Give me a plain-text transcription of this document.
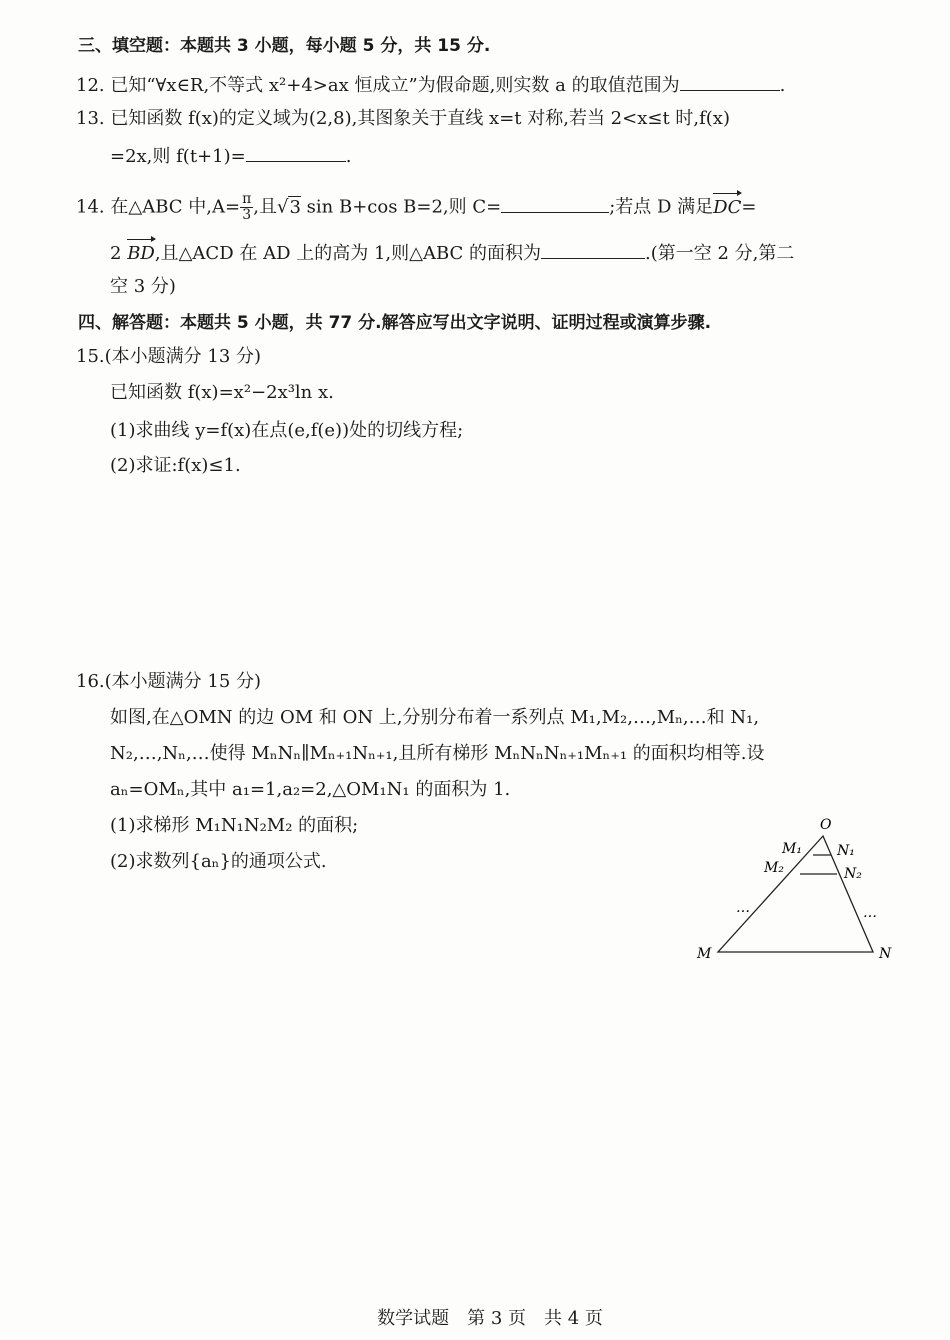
三、填空题：本题共 3 小题，每小题 5 分，共 15 分.
12. 已知“∀x∈R,不等式 x²+4>ax 恒成立”为假命题,则实数 a 的取值范围为	.
13. 已知函数 f(x)的定义域为(2,8),其图象关于直线 x=t 对称,若当 2<x≤t 时,f(x)
=2x,则 f(t+1)=	.
14. 在△ABC 中$,A= \frac{\pi}{3}$,且√3 sin B+cos B=2,则 C=	;若点 D 满足DC=
2 BD,且△ACD 在 AD 上的高为 1,则△ABC 的面积为	.(第一空 2 分,第二
空 3 分)
四、解答题：本题共 5 小题，共 77 分.解答应写出文字说明、证明过程或演算步骤.
15.(本小题满分 13 分)
已知函数 f(x)=x²−2x³ln x.
(1)求曲线 y=f(x)在点(e,f(e))处的切线方程;
(2)求证:f(x)≤1.
16.(本小题满分 15 分)
如图,在△OMN 的边 OM 和 ON 上,分别分布着一系列点 M₁,M₂,…,Mₙ,…和 N₁,
N₂,…,Nₙ,…使得 MₙNₙ∥Mₙ₊₁Nₙ₊₁,且所有梯形 MₙNₙNₙ₊₁Mₙ₊₁ 的面积均相等.设
aₙ=OMₙ,其中 a₁=1,a₂=2,△OM₁N₁ 的面积为 1.
(1)求梯形 M₁N₁N₂M₂ 的面积;
(2)求数列{aₙ}的通项公式.
O
M₁	N₁
M₂	N₂
…	…
M	N
数学试题　第 3 页　共 4 页
